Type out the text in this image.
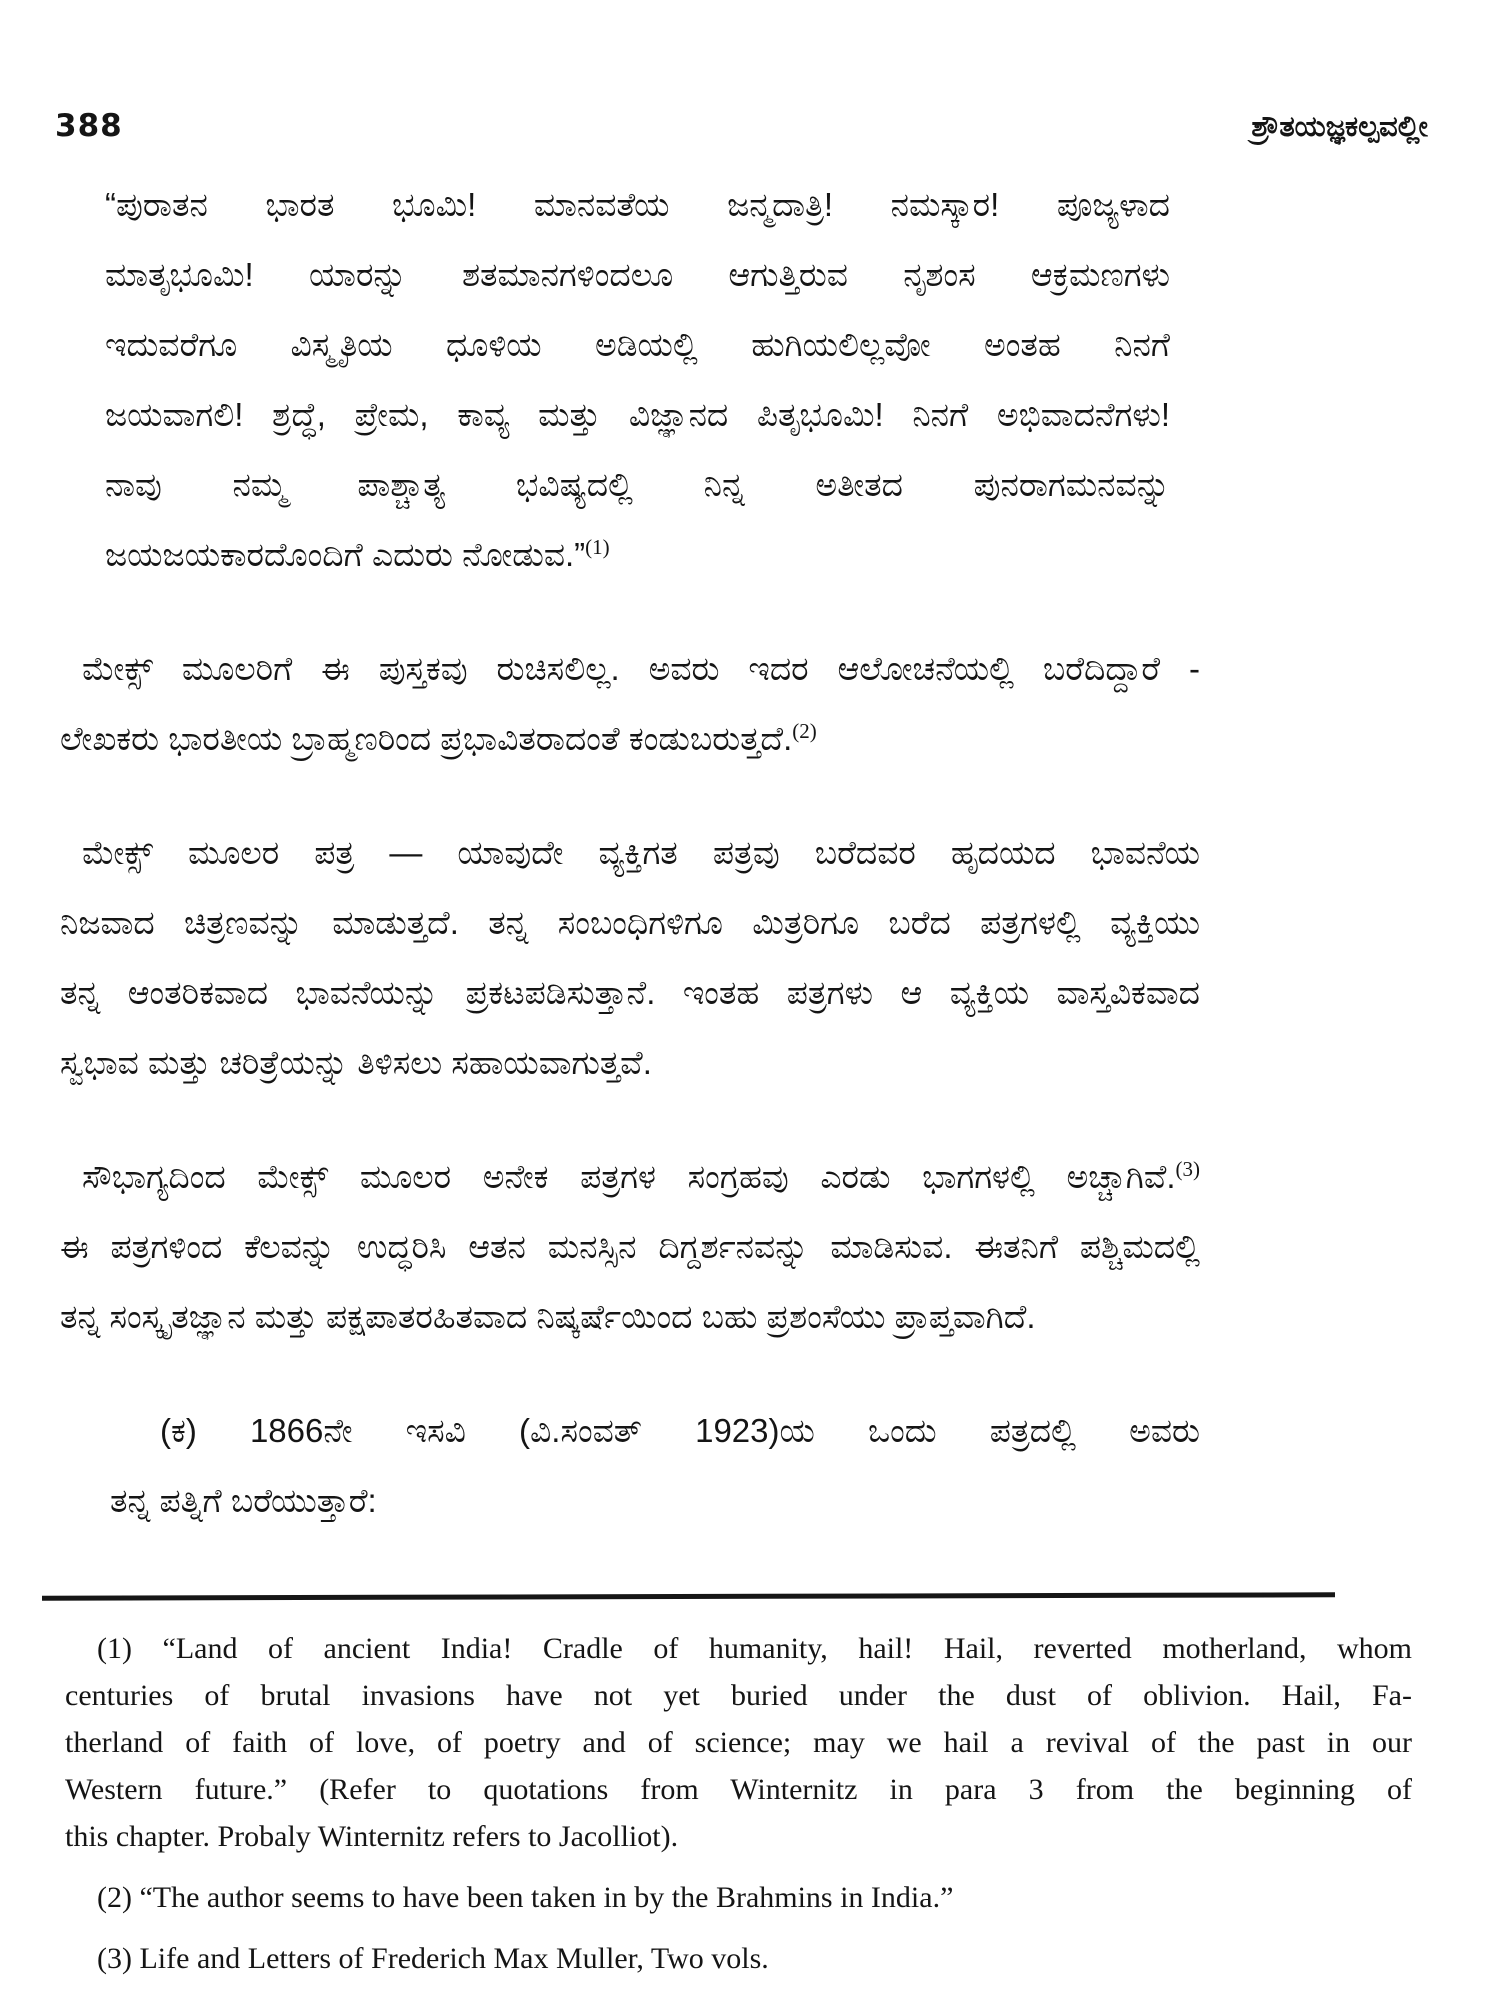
388	ಶ್ರೌತಯಜ್ಞಕಲ್ಪವಲ್ಲೀ
“ಪುರಾತನ ಭಾರತ ಭೂಮಿ! ಮಾನವತೆಯ ಜನ್ಮದಾತ್ರಿ! ನಮಸ್ಕಾರ! ಪೂಜ್ಯಳಾದ
ಮಾತೃಭೂಮಿ! ಯಾರನ್ನು ಶತಮಾನಗಳಿಂದಲೂ ಆಗುತ್ತಿರುವ ನೃಶಂಸ ಆಕ್ರಮಣಗಳು
ಇದುವರೆಗೂ ವಿಸ್ಮೃತಿಯ ಧೂಳಿಯ ಅಡಿಯಲ್ಲಿ ಹುಗಿಯಲಿಲ್ಲವೋ ಅಂತಹ ನಿನಗೆ
ಜಯವಾಗಲಿ! ಶ್ರದ್ಧೆ, ಪ್ರೇಮ, ಕಾವ್ಯ ಮತ್ತು ವಿಜ್ಞಾನದ ಪಿತೃಭೂಮಿ! ನಿನಗೆ ಅಭಿವಾದನೆಗಳು!
ನಾವು ನಮ್ಮ ಪಾಶ್ಚಾತ್ಯ ಭವಿಷ್ಯದಲ್ಲಿ ನಿನ್ನ ಅತೀತದ ಪುನರಾಗಮನವನ್ನು
ಜಯಜಯಕಾರದೊಂದಿಗೆ ಎದುರು ನೋಡುವ.”$^{(1)}$
ಮೇಕ್ಸ್ ಮೂಲರಿಗೆ ಈ ಪುಸ್ತಕವು ರುಚಿಸಲಿಲ್ಲ. ಅವರು ಇದರ ಆಲೋಚನೆಯಲ್ಲಿ ಬರೆದಿದ್ದಾರೆ -
ಲೇಖಕರು ಭಾರತೀಯ ಬ್ರಾಹ್ಮಣರಿಂದ ಪ್ರಭಾವಿತರಾದಂತೆ ಕಂಡುಬರುತ್ತದೆ.$^{(2)}$
ಮೇಕ್ಸ್ ಮೂಲರ ಪತ್ರ — ಯಾವುದೇ ವ್ಯಕ್ತಿಗತ ಪತ್ರವು ಬರೆದವರ ಹೃದಯದ ಭಾವನೆಯ
ನಿಜವಾದ ಚಿತ್ರಣವನ್ನು ಮಾಡುತ್ತದೆ. ತನ್ನ ಸಂಬಂಧಿಗಳಿಗೂ ಮಿತ್ರರಿಗೂ ಬರೆದ ಪತ್ರಗಳಲ್ಲಿ ವ್ಯಕ್ತಿಯು
ತನ್ನ ಆಂತರಿಕವಾದ ಭಾವನೆಯನ್ನು ಪ್ರಕಟಪಡಿಸುತ್ತಾನೆ. ಇಂತಹ ಪತ್ರಗಳು ಆ ವ್ಯಕ್ತಿಯ ವಾಸ್ತವಿಕವಾದ
ಸ್ವಭಾವ ಮತ್ತು ಚರಿತ್ರೆಯನ್ನು ತಿಳಿಸಲು ಸಹಾಯವಾಗುತ್ತವೆ.
ಸೌಭಾಗ್ಯದಿಂದ ಮೇಕ್ಸ್ ಮೂಲರ ಅನೇಕ ಪತ್ರಗಳ ಸಂಗ್ರಹವು ಎರಡು ಭಾಗಗಳಲ್ಲಿ ಅಚ್ಚಾಗಿವೆ.$^{(3)}$
ಈ ಪತ್ರಗಳಿಂದ ಕೆಲವನ್ನು ಉದ್ಧರಿಸಿ ಆತನ ಮನಸ್ಸಿನ ದಿಗ್ದರ್ಶನವನ್ನು ಮಾಡಿಸುವ. ಈತನಿಗೆ ಪಶ್ಚಿಮದಲ್ಲಿ
ತನ್ನ ಸಂಸ್ಕೃತಜ್ಞಾನ ಮತ್ತು ಪಕ್ಷಪಾತರಹಿತವಾದ ನಿಷ್ಕರ್ಷೆಯಿಂದ ಬಹು ಪ್ರಶಂಸೆಯು ಪ್ರಾಪ್ತವಾಗಿದೆ.
(ಕ) 1866ನೇ ಇಸವಿ (ವಿ.ಸಂವತ್ 1923)ಯ ಒಂದು ಪತ್ರದಲ್ಲಿ ಅವರು
ತನ್ನ ಪತ್ನಿಗೆ ಬರೆಯುತ್ತಾರೆ:
(1) “Land of ancient India! Cradle of humanity, hail! Hail, reverted motherland, whom
centuries of brutal invasions have not yet buried under the dust of oblivion. Hail, Fa-
therland of faith of love, of poetry and of science; may we hail a revival of the past in our
Western future.” (Refer to quotations from Winternitz in para 3 from the beginning of
this chapter. Probaly Winternitz refers to Jacolliot).
(2) “The author seems to have been taken in by the Brahmins in India.”
(3) Life and Letters of Frederich Max Muller, Two vols.
